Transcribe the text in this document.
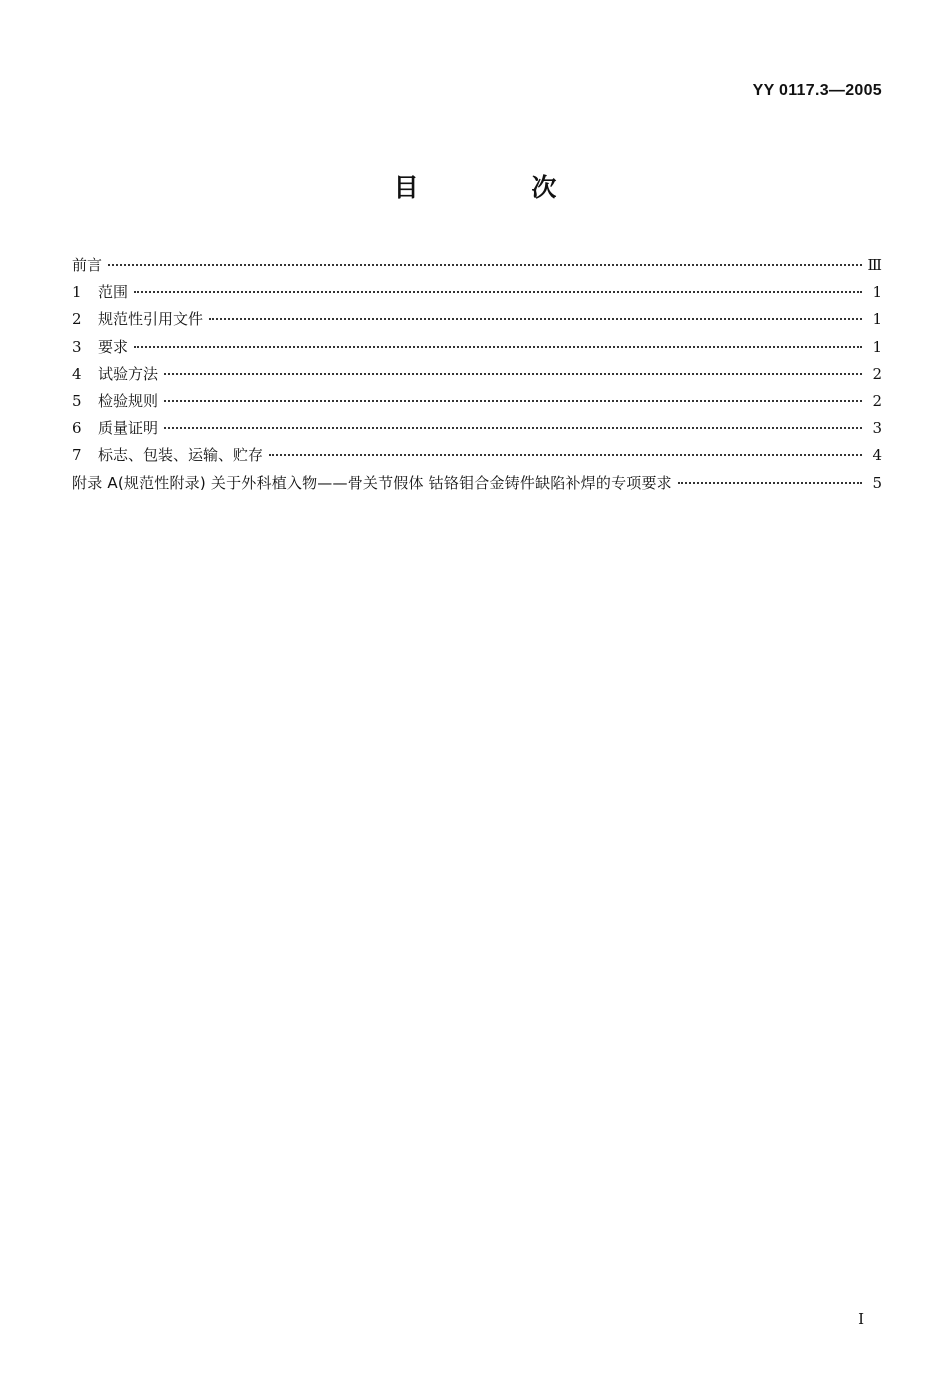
YY 0117.3—2005
目 次
前言	Ⅲ
1	范围	1
2	规范性引用文件	1
3	要求	1
4	试验方法	2
5	检验规则	2
6	质量证明	3
7	标志、包装、运输、贮存	4
附录 A(规范性附录) 关于外科植入物——骨关节假体 钴铬钼合金铸件缺陷补焊的专项要求	5
I
